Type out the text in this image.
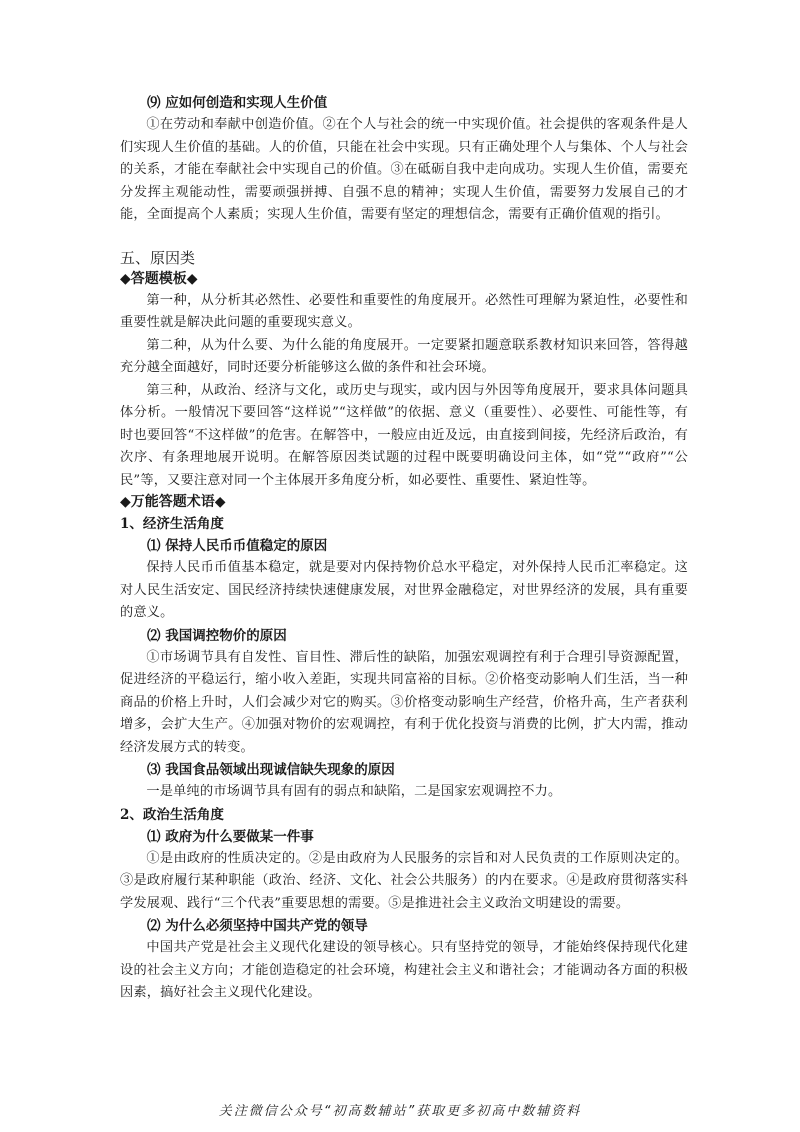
⑼ 应如何创造和实现人生价值

①在劳动和奉献中创造价值。②在个人与社会的统一中实现价值。社会提供的客观条件是人们实现人生价值的基础。人的价值，只能在社会中实现。只有正确处理个人与集体、个人与社会的关系，才能在奉献社会中实现自己的价值。③在砥砺自我中走向成功。实现人生价值，需要充分发挥主观能动性，需要顽强拼搏、自强不息的精神；实现人生价值，需要努力发展自己的才能，全面提高个人素质；实现人生价值，需要有坚定的理想信念，需要有正确价值观的指引。

五、原因类

◆答题模板◆

第一种，从分析其必然性、必要性和重要性的角度展开。必然性可理解为紧迫性，必要性和重要性就是解决此问题的重要现实意义。

第二种，从为什么要、为什么能的角度展开。一定要紧扣题意联系教材知识来回答，答得越充分越全面越好，同时还要分析能够这么做的条件和社会环境。

第三种，从政治、经济与文化，或历史与现实，或内因与外因等角度展开，要求具体问题具体分析。一般情况下要回答“这样说”“这样做”的依据、意义（重要性）、必要性、可能性等，有时也要回答“不这样做”的危害。在解答中，一般应由近及远，由直接到间接，先经济后政治，有次序、有条理地展开说明。在解答原因类试题的过程中既要明确设问主体，如“党”“政府”“公民”等，又要注意对同一个主体展开多角度分析，如必要性、重要性、紧迫性等。

◆万能答题术语◆

1、经济生活角度

⑴ 保持人民币币值稳定的原因

保持人民币币值基本稳定，就是要对内保持物价总水平稳定，对外保持人民币汇率稳定。这对人民生活安定、国民经济持续快速健康发展，对世界金融稳定，对世界经济的发展，具有重要的意义。

⑵ 我国调控物价的原因

①市场调节具有自发性、盲目性、滞后性的缺陷，加强宏观调控有利于合理引导资源配置，促进经济的平稳运行，缩小收入差距，实现共同富裕的目标。②价格变动影响人们生活，当一种商品的价格上升时，人们会减少对它的购买。③价格变动影响生产经营，价格升高，生产者获利增多，会扩大生产。④加强对物价的宏观调控，有利于优化投资与消费的比例，扩大内需，推动经济发展方式的转变。

⑶ 我国食品领域出现诚信缺失现象的原因

一是单纯的市场调节具有固有的弱点和缺陷，二是国家宏观调控不力。

2、政治生活角度

⑴ 政府为什么要做某一件事

①是由政府的性质决定的。②是由政府为人民服务的宗旨和对人民负责的工作原则决定的。③是政府履行某种职能（政治、经济、文化、社会公共服务）的内在要求。④是政府贯彻落实科学发展观、践行“三个代表”重要思想的需要。⑤是推进社会主义政治文明建设的需要。

⑵ 为什么必须坚持中国共产党的领导

中国共产党是社会主义现代化建设的领导核心。只有坚持党的领导，才能始终保持现代化建设的社会主义方向；才能创造稳定的社会环境，构建社会主义和谐社会；才能调动各方面的积极因素，搞好社会主义现代化建设。

关注微信公众号“初高数辅站”获取更多初高中数辅资料
